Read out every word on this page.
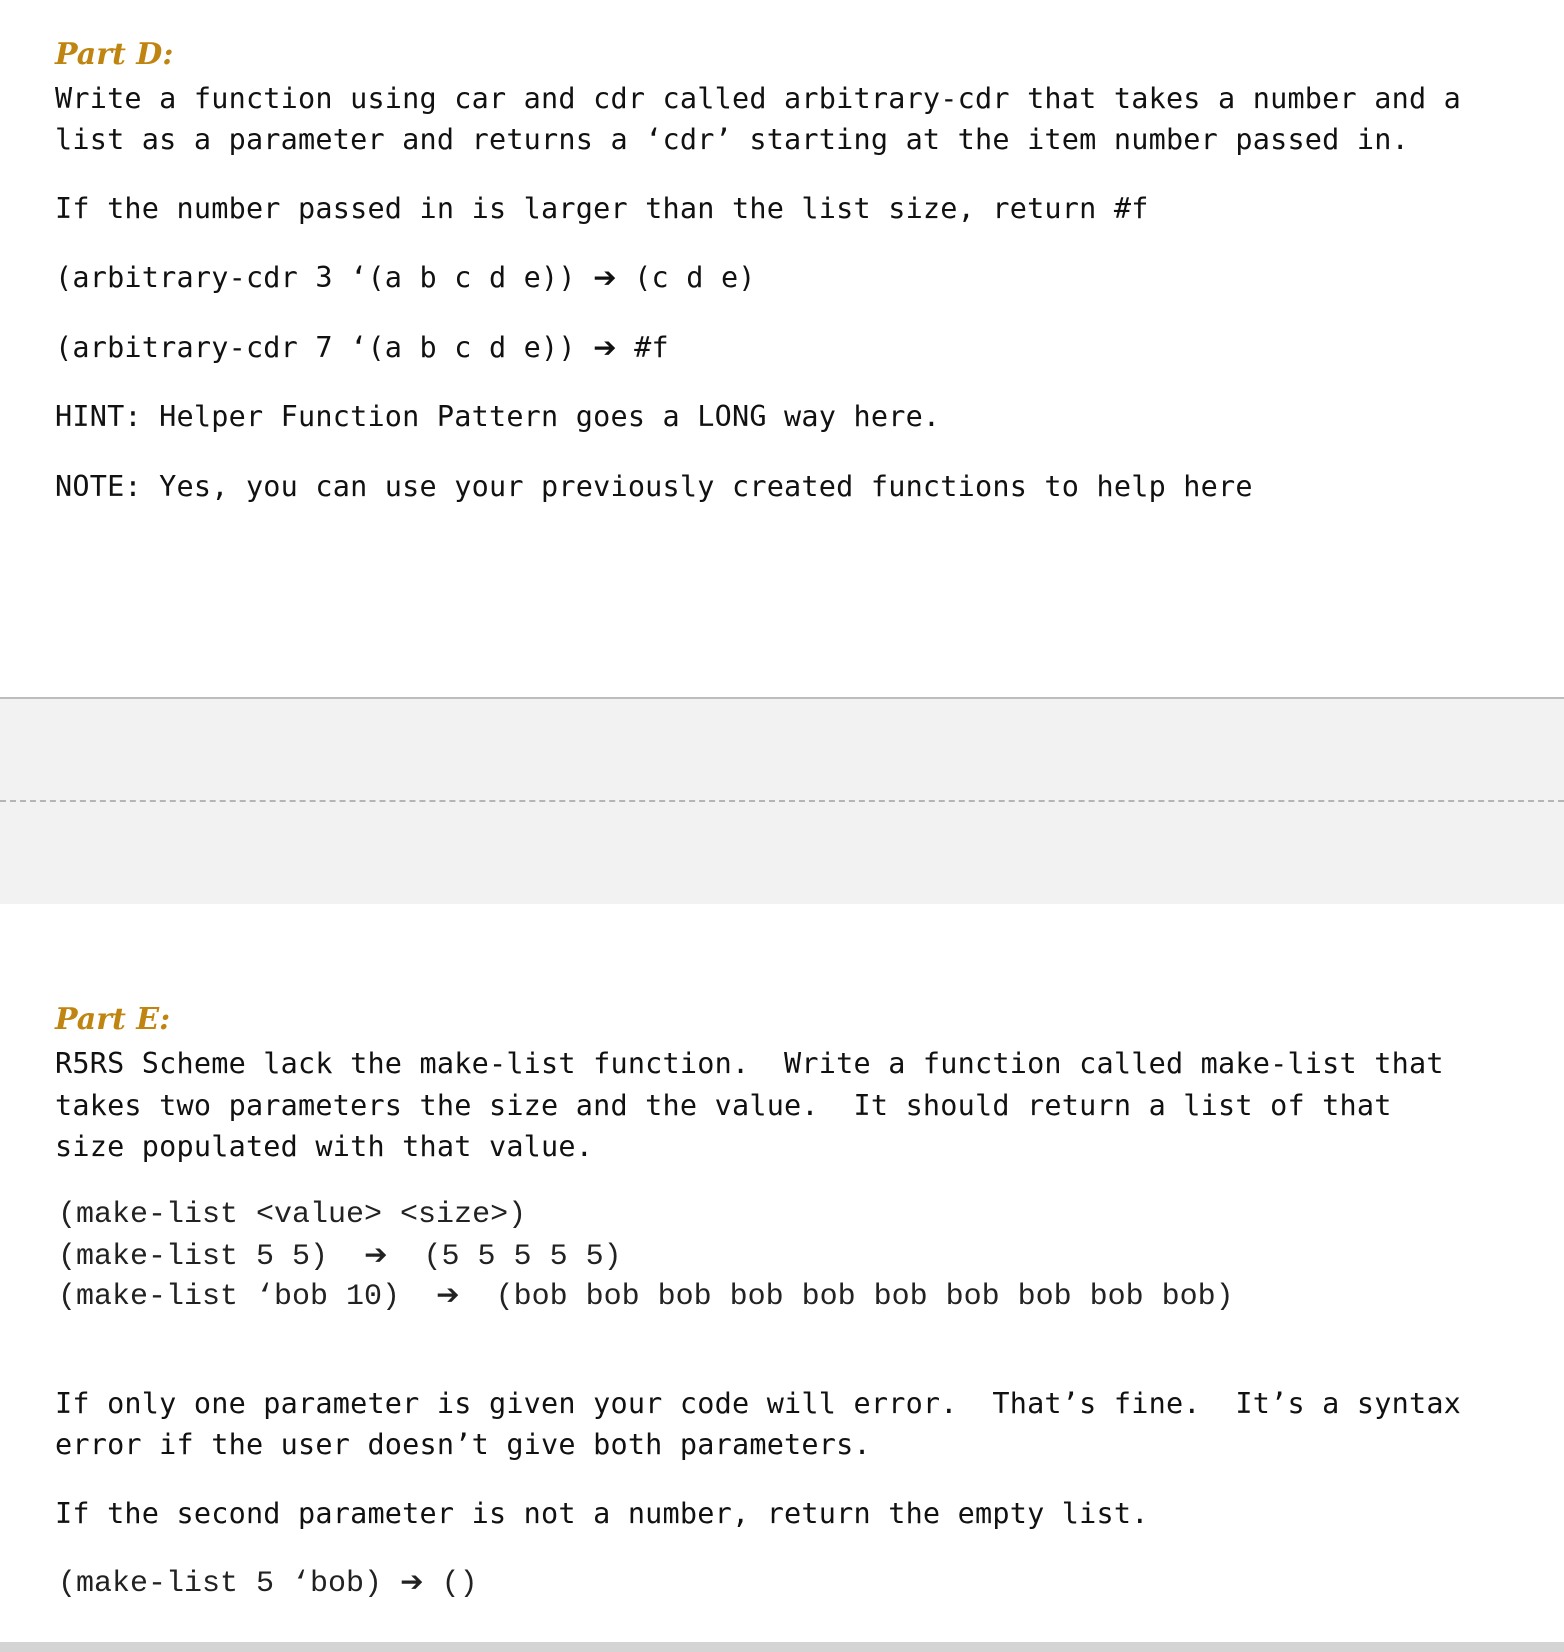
Part D:

Write a function using car and cdr called arbitrary-cdr that takes a number and a

list as a parameter and returns a ‘cdr’ starting at the item number passed in.

If the number passed in is larger than the list size, return #f

(arbitrary-cdr 3 ‘(a b c d e)) ➔ (c d e)

(arbitrary-cdr 7 ‘(a b c d e)) ➔ #f

HINT: Helper Function Pattern goes a LONG way here.

NOTE: Yes, you can use your previously created functions to help here

Part E:

R5RS Scheme lack the make-list function.  Write a function called make-list that

takes two parameters the size and the value.  It should return a list of that

size populated with that value.

(make-list <value> <size>)

(make-list 5 5) ➔ (5 5 5 5 5)

(make-list ‘bob 10) ➔ (bob bob bob bob bob bob bob bob bob bob)

If only one parameter is given your code will error.  That’s fine.  It’s a syntax

error if the user doesn’t give both parameters.

If the second parameter is not a number, return the empty list.

(make-list 5 ‘bob) ➔ ()
